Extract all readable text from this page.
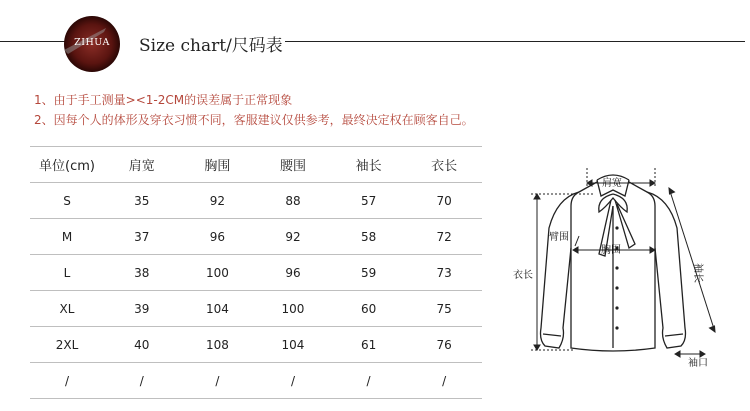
ZIHUA Size chart/尺码表
1、由于手工测量><1-2CM的误差属于正常现象
2、因每个人的体形及穿衣习惯不同，客服建议仅供参考，最终决定权在顾客自己。
单位(cm)	肩宽	胸围	腰围	袖长	衣长
S	35	92	88	57	70
M	37	96	92	58	72
L	38	100	96	59	73
XL	39	104	100	60	75
2XL	40	108	104	61	76
/	/	/	/	/	/
肩宽
臂围
胸围
衣长	袖长
袖口
